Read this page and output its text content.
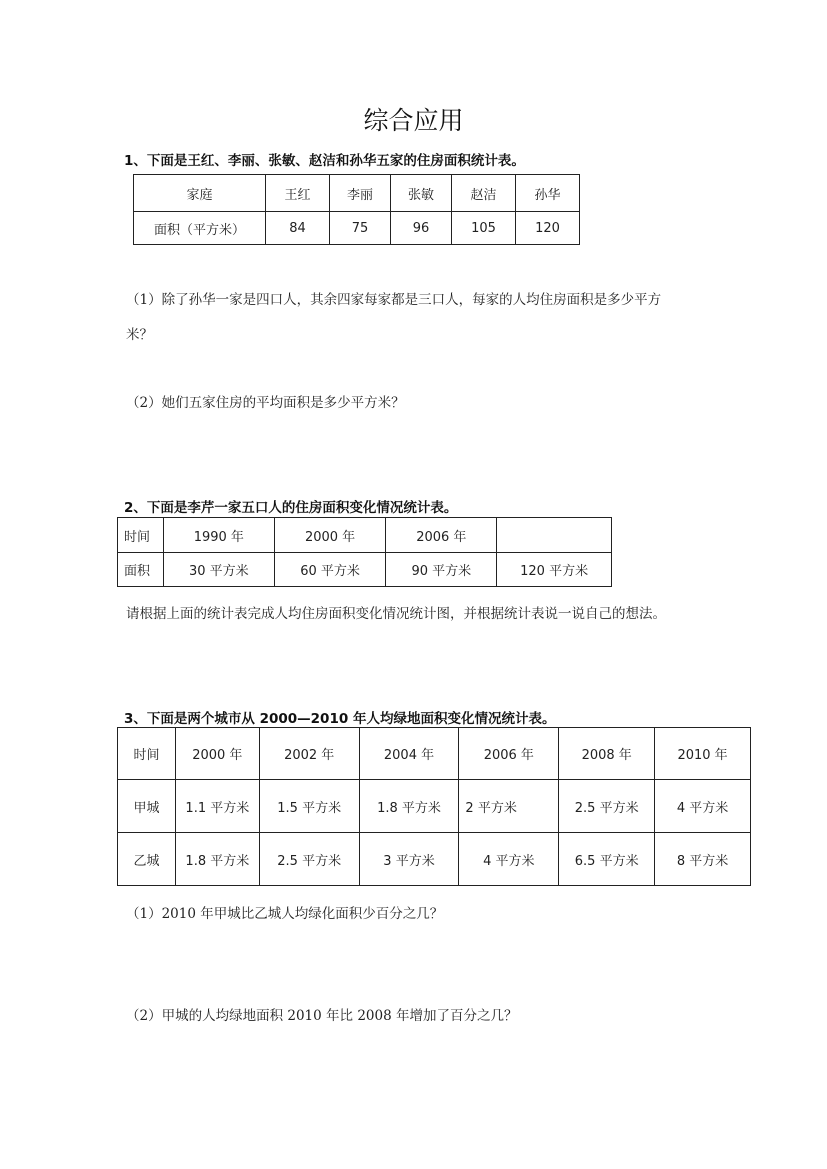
综合应用
1、下面是王红、李丽、张敏、赵洁和孙华五家的住房面积统计表。
家庭	王红	李丽	张敏	赵洁	孙华
面积（平方米）	84	75	96	105	120
（1）除了孙华一家是四口人，其余四家每家都是三口人，每家的人均住房面积是多少平方
米？
（2）她们五家住房的平均面积是多少平方米？
2、下面是李芹一家五口人的住房面积变化情况统计表。
时间	1990 年	2000 年	2006 年	
面积	30 平方米	60 平方米	90 平方米	120 平方米
请根据上面的统计表完成人均住房面积变化情况统计图，并根据统计表说一说自己的想法。
3、下面是两个城市从 2000—2010 年人均绿地面积变化情况统计表。
时间	2000 年	2002 年	2004 年	2006 年	2008 年	2010 年
甲城	1.1 平方米	1.5 平方米	1.8 平方米	2 平方米	2.5 平方米	4 平方米
乙城	1.8 平方米	2.5 平方米	3 平方米	4 平方米	6.5 平方米	8 平方米
（1）2010 年甲城比乙城人均绿化面积少百分之几？
（2）甲城的人均绿地面积 2010 年比 2008 年增加了百分之几？
